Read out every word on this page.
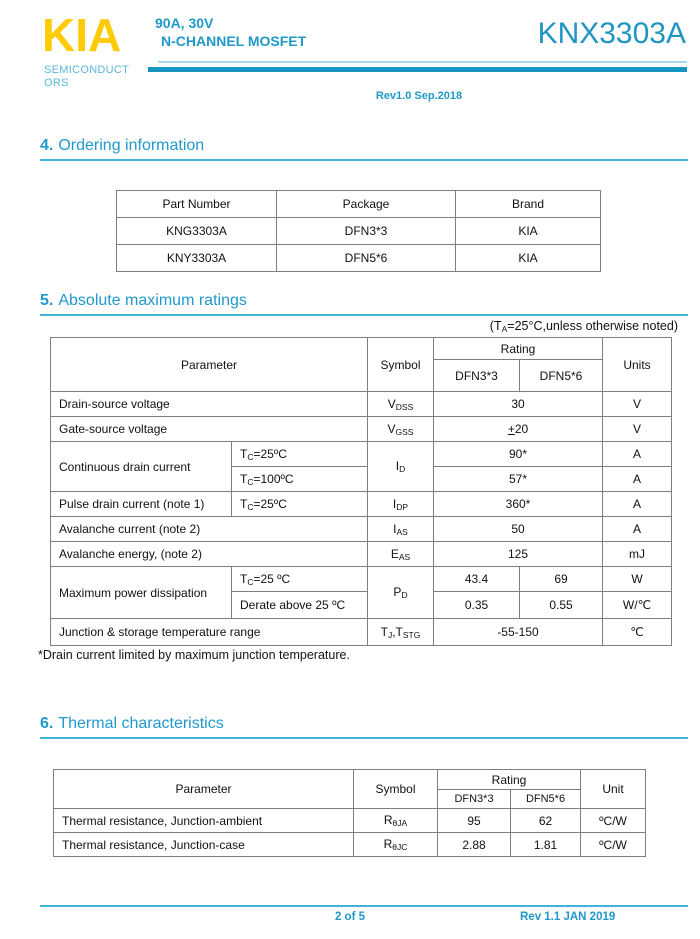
KIA
SEMICONDUCTORS
90A, 30V
N-CHANNEL MOSFET	KNX3303A
Rev1.0 Sep.2018
4. Ordering information
Part Number	Package	Brand
KNG3303A	DFN3*3	KIA
KNY3303A	DFN5*6	KIA
5. Absolute maximum ratings
(TA=25°C,unless otherwise noted)
Parameter		Symbol	Rating		Units
			DFN3*3	DFN5*6	
Drain-source voltage		VDSS	30		V
Gate-source voltage		VGSS	+20		V
Continuous drain current	TC=25ºC	ID	90*		A
	TC=100ºC		57*		A
Pulse drain current (note 1)	TC=25ºC	IDP	360*		A
Avalanche current (note 2)		IAS	50		A
Avalanche energy, (note 2)		EAS	125		mJ
Maximum power dissipation	TC=25 ºC	PD	43.4	69	W
	Derate above 25 ºC		0.35	0.55	W/℃
Junction & storage temperature range		TJ,TSTG	-55-150		℃
*Drain current limited by maximum junction temperature.
6. Thermal characteristics
Parameter	Symbol	Rating		Unit
		DFN3*3	DFN5*6	
Thermal resistance, Junction-ambient	RθJA	95	62	ºC/W
Thermal resistance, Junction-case	RθJC	2.88	1.81	ºC/W
2 of 5	Rev 1.1 JAN 2019
